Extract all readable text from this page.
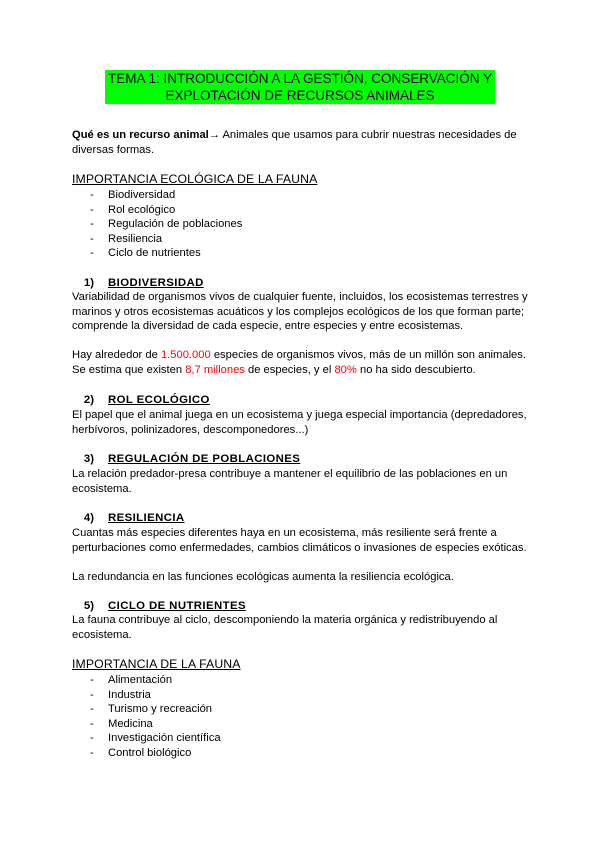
TEMA 1: INTRODUCCIÓN A LA GESTIÓN, CONSERVACIÓN Y
EXPLOTACIÓN DE RECURSOS ANIMALES
Qué es un recurso animal→ Animales que usamos para cubrir nuestras necesidades de diversas formas.
IMPORTANCIA ECOLÓGICA DE LA FAUNA
- Biodiversidad
- Rol ecológico
- Regulación de poblaciones
- Resiliencia
- Ciclo de nutrientes
1) BIODIVERSIDAD
Variabilidad de organismos vivos de cualquier fuente, incluidos, los ecosistemas terrestres y marinos y otros ecosistemas acuáticos y los complejos ecológicos de los que forman parte; comprende la diversidad de cada especie, entre especies y entre ecosistemas.
Hay alrededor de 1.500.000 especies de organismos vivos, más de un millón son animales. Se estima que existen 8,7 millones de especies, y el 80% no ha sido descubierto.
2) ROL ECOLÓGICO
El papel que el animal juega en un ecosistema y juega especial importancia (depredadores, herbívoros, polinizadores, descomponedores...)
3) REGULACIÓN DE POBLACIONES
La relación predador-presa contribuye a mantener el equilibrio de las poblaciones en un ecosistema.
4) RESILIENCIA
Cuantas más especies diferentes haya en un ecosistema, más resiliente será frente a perturbaciones como enfermedades, cambios climáticos o invasiones de especies exóticas.
La redundancia en las funciones ecológicas aumenta la resiliencia ecológica.
5) CICLO DE NUTRIENTES
La fauna contribuye al ciclo, descomponiendo la materia orgánica y redistribuyendo al ecosistema.
IMPORTANCIA DE LA FAUNA
- Alimentación
- Industria
- Turismo y recreación
- Medicina
- Investigación científica
- Control biológico
